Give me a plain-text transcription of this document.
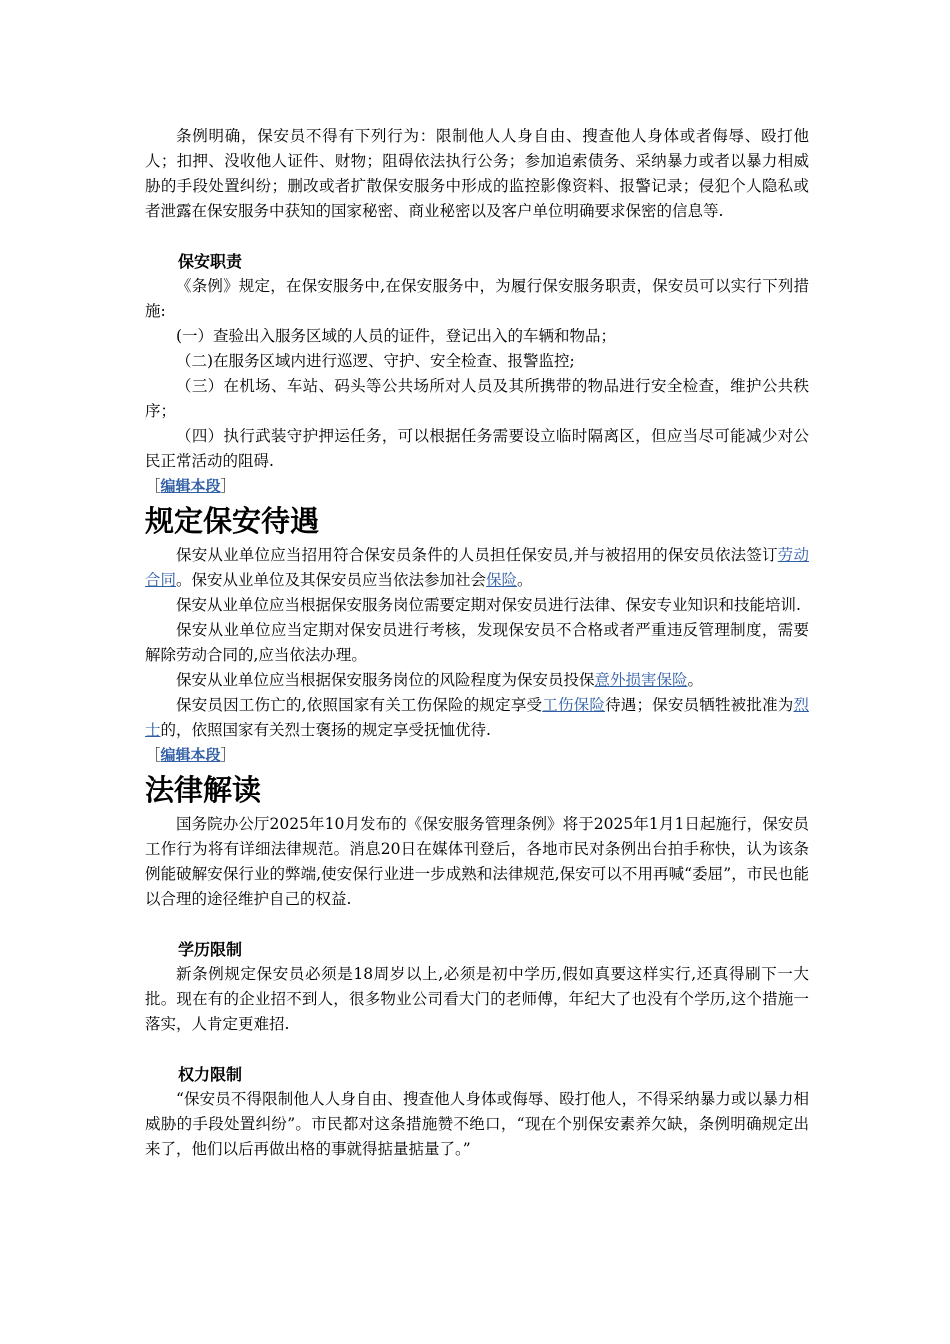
条例明确，保安员不得有下列行为：限制他人人身自由、搜查他人身体或者侮辱、殴打他人；扣押、没收他人证件、财物；阻碍依法执行公务；参加追索债务、采纳暴力或者以暴力相威胁的手段处置纠纷；删改或者扩散保安服务中形成的监控影像资料、报警记录；侵犯个人隐私或者泄露在保安服务中获知的国家秘密、商业秘密以及客户单位明确要求保密的信息等.

保安职责

《条例》规定，在保安服务中,在保安服务中，为履行保安服务职责，保安员可以实行下列措施:

(一）查验出入服务区域的人员的证件，登记出入的车辆和物品；

（二)在服务区域内进行巡逻、守护、安全检查、报警监控;

（三）在机场、车站、码头等公共场所对人员及其所携带的物品进行安全检查，维护公共秩序；

（四）执行武装守护押运任务，可以根据任务需要设立临时隔离区，但应当尽可能减少对公民正常活动的阻碍.

［编辑本段］
规定保安待遇

保安从业单位应当招用符合保安员条件的人员担任保安员,并与被招用的保安员依法签订劳动合同。保安从业单位及其保安员应当依法参加社会保险。

保安从业单位应当根据保安服务岗位需要定期对保安员进行法律、保安专业知识和技能培训.

保安从业单位应当定期对保安员进行考核，发现保安员不合格或者严重违反管理制度，需要解除劳动合同的,应当依法办理。

保安从业单位应当根据保安服务岗位的风险程度为保安员投保意外损害保险。

保安员因工伤亡的,依照国家有关工伤保险的规定享受工伤保险待遇；保安员牺牲被批准为烈士的，依照国家有关烈士褒扬的规定享受抚恤优待.

［编辑本段］
法律解读

国务院办公厅2025年10月发布的《保安服务管理条例》将于2025年1月1日起施行，保安员工作行为将有详细法律规范。消息20日在媒体刊登后，各地市民对条例出台拍手称快，认为该条例能破解安保行业的弊端,使安保行业进一步成熟和法律规范,保安可以不用再喊“委屈”，市民也能以合理的途径维护自己的权益.

学历限制

新条例规定保安员必须是18周岁以上,必须是初中学历,假如真要这样实行,还真得刷下一大批。现在有的企业招不到人，很多物业公司看大门的老师傅，年纪大了也没有个学历,这个措施一落实，人肯定更难招.

权力限制

“保安员不得限制他人人身自由、搜查他人身体或侮辱、殴打他人，不得采纳暴力或以暴力相威胁的手段处置纠纷”。市民都对这条措施赞不绝口，“现在个别保安素养欠缺，条例明确规定出来了，他们以后再做出格的事就得掂量掂量了。”
